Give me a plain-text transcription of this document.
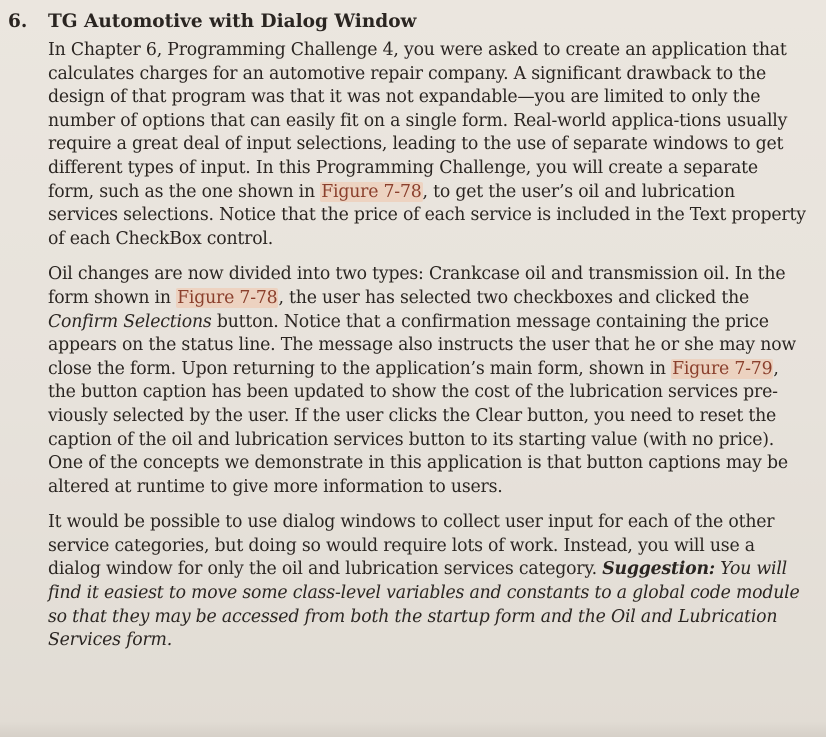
6.	TG Automotive with Dialog Window

In Chapter 6, Programming Challenge 4, you were asked to create an application that calculates charges for an automotive repair company. A significant drawback to the design of that program was that it was not expandable—you are limited to only the number of options that can easily fit on a single form. Real-world applica-tions usually require a great deal of input selections, leading to the use of separate windows to get different types of input. In this Programming Challenge, you will create a separate form, such as the one shown in Figure 7-78, to get the user’s oil and lubrication services selections. Notice that the price of each service is included in the Text property of each CheckBox control.

Oil changes are now divided into two types: Crankcase oil and transmission oil. In the form shown in Figure 7-78, the user has selected two checkboxes and clicked the Confirm Selections button. Notice that a confirmation message containing the price appears on the status line. The message also instructs the user that he or she may now close the form. Upon returning to the application’s main form, shown in Figure 7-79, the button caption has been updated to show the cost of the lubrication services pre-viously selected by the user. If the user clicks the Clear button, you need to reset the caption of the oil and lubrication services button to its starting value (with no price). One of the concepts we demonstrate in this application is that button captions may be altered at runtime to give more information to users.

It would be possible to use dialog windows to collect user input for each of the other service categories, but doing so would require lots of work. Instead, you will use a dialog window for only the oil and lubrication services category. Suggestion: You will find it easiest to move some class-level variables and constants to a global code module so that they may be accessed from both the startup form and the Oil and Lubrication Services form.
